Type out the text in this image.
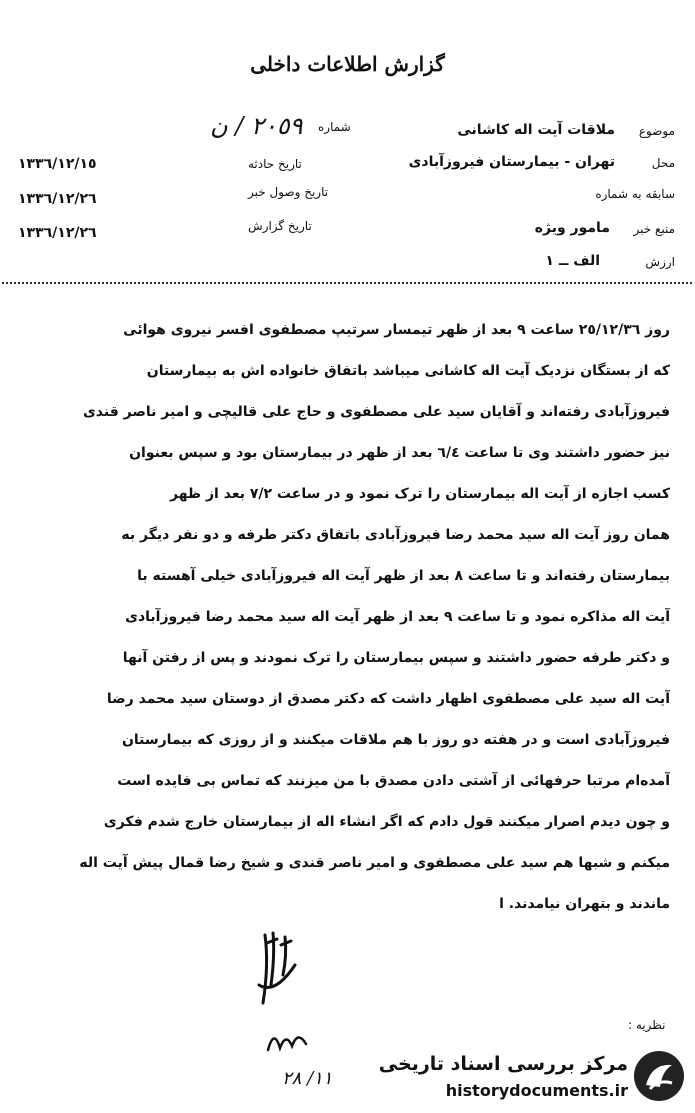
گزارش اطلاعات داخلی
شماره
٢٠٥٩ / ن	موضوع
ملاقات آیت اله کاشانی
محل
تهران - بیمارستان فیروزآبادی
سابقه به شماره
منبع خبر
مامور ویژه
ارزش
الف ــ ١
تاریخ حادثه
١٣٣٦/١٢/١٥
تاریخ وصول خبر
١٣٣٦/١٢/٢٦
تاریخ گزارش
١٣٣٦/١٢/٢٦

روز ٢٥/١٢/٣٦ ساعت ٩ بعد از ظهر تیمسار سرتیپ مصطفوی افسر نیروی هوائی

که از بستگان نزدیک آیت اله کاشانی میباشد باتفاق خانواده اش به بیمارستان

فیروزآبادی رفته‌اند و آقایان سید علی مصطفوی و حاج علی قالیچی و امیر ناصر قندی

نیز حضور داشتند وی تا ساعت ٦/٤ بعد از ظهر در بیمارستان بود و سپس بعنوان

کسب اجازه از آیت اله بیمارستان را ترک نمود و در ساعت ٧/٢ بعد از ظهر

همان روز آیت اله سید محمد رضا فیروزآبادی باتفاق دکتر طرفه و دو نفر دیگر به

بیمارستان رفته‌اند و تا ساعت ٨ بعد از ظهر آیت اله فیروزآبادی خیلی آهسته با

آیت اله مذاکره نمود و تا ساعت ٩ بعد از ظهر آیت اله سید محمد رضا فیروزآبادی

و دکتر طرفه حضور داشتند و سپس بیمارستان را ترک نمودند و پس از رفتن آنها

آیت اله سید علی مصطفوی اظهار داشت که دکتر مصدق از دوستان سید محمد رضا

فیروزآبادی است و در هفته دو روز با هم ملاقات میکنند و از روزی که بیمارستان

آمده‌ام مرتبا حرفهائی از آشتی دادن مصدق با من میزنند که تماس بی فایده است

و چون دیدم اصرار میکنند قول دادم که اگر انشاء اله از بیمارستان خارج شدم فکری

میکنم و شبها هم سید علی مصطفوی و امیر ناصر قندی و شیخ رضا قمال پیش آیت اله

ماندند و بتهران نیامدند. ا

نظریه :
١١/ ٢٨
مرکز بررسی اسناد تاریخی
historydocuments.ir
